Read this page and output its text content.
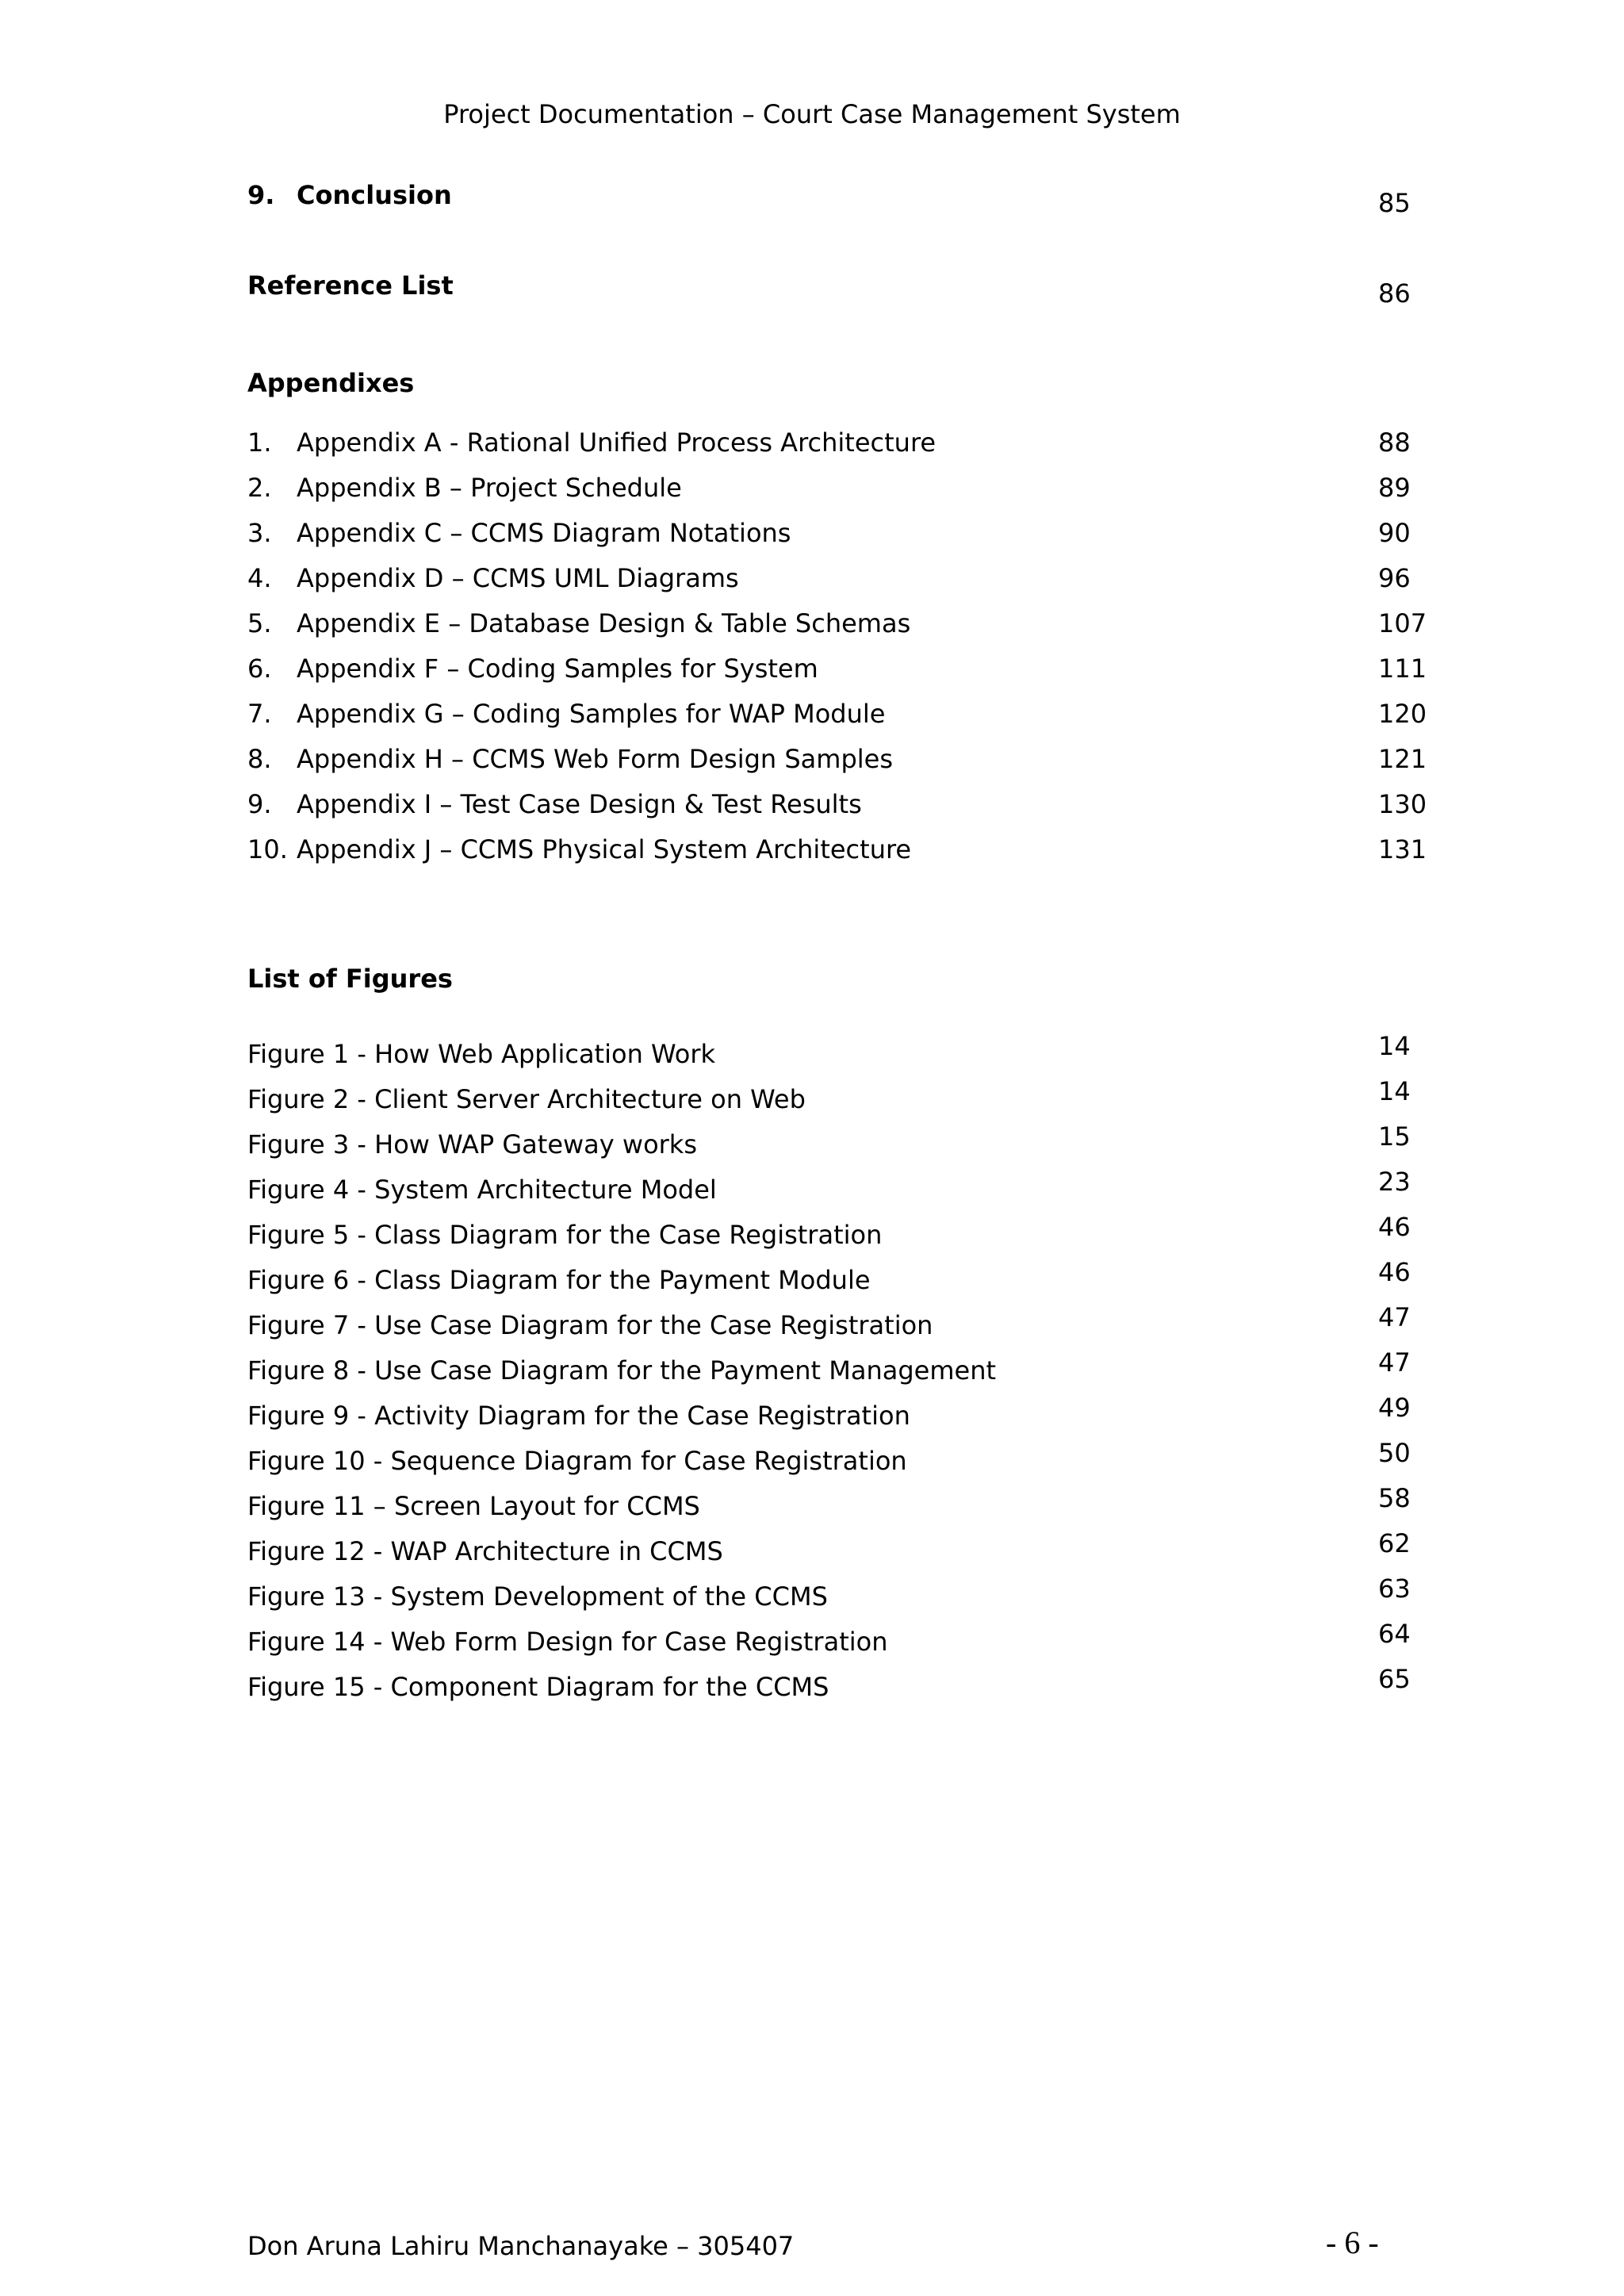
Project Documentation – Court Case Management System
9. Conclusion	85
Reference List	86
Appendixes
1. Appendix A - Rational Unified Process Architecture	88
2. Appendix B – Project Schedule	89
3. Appendix C – CCMS Diagram Notations	90
4. Appendix D – CCMS UML Diagrams	96
5. Appendix E – Database Design & Table Schemas	107
6. Appendix F – Coding Samples for System	111
7. Appendix G – Coding Samples for WAP Module	120
8. Appendix H – CCMS Web Form Design Samples	121
9. Appendix I – Test Case Design & Test Results	130
10. Appendix J – CCMS Physical System Architecture	131
List of Figures
Figure 1 - How Web Application Work	14
Figure 2 - Client Server Architecture on Web	14
Figure 3 - How WAP Gateway works	15
Figure 4 - System Architecture Model	23
Figure 5 - Class Diagram for the Case Registration	46
Figure 6 - Class Diagram for the Payment Module	46
Figure 7 - Use Case Diagram for the Case Registration	47
Figure 8 - Use Case Diagram for the Payment Management	47
Figure 9 - Activity Diagram for the Case Registration	49
Figure 10 - Sequence Diagram for Case Registration	50
Figure 11 – Screen Layout for CCMS	58
Figure 12 - WAP Architecture in CCMS	62
Figure 13 - System Development of the CCMS	63
Figure 14 - Web Form Design for Case Registration	64
Figure 15 - Component Diagram for the CCMS	65
Don Aruna Lahiru Manchanayake – 305407	- 6 -
